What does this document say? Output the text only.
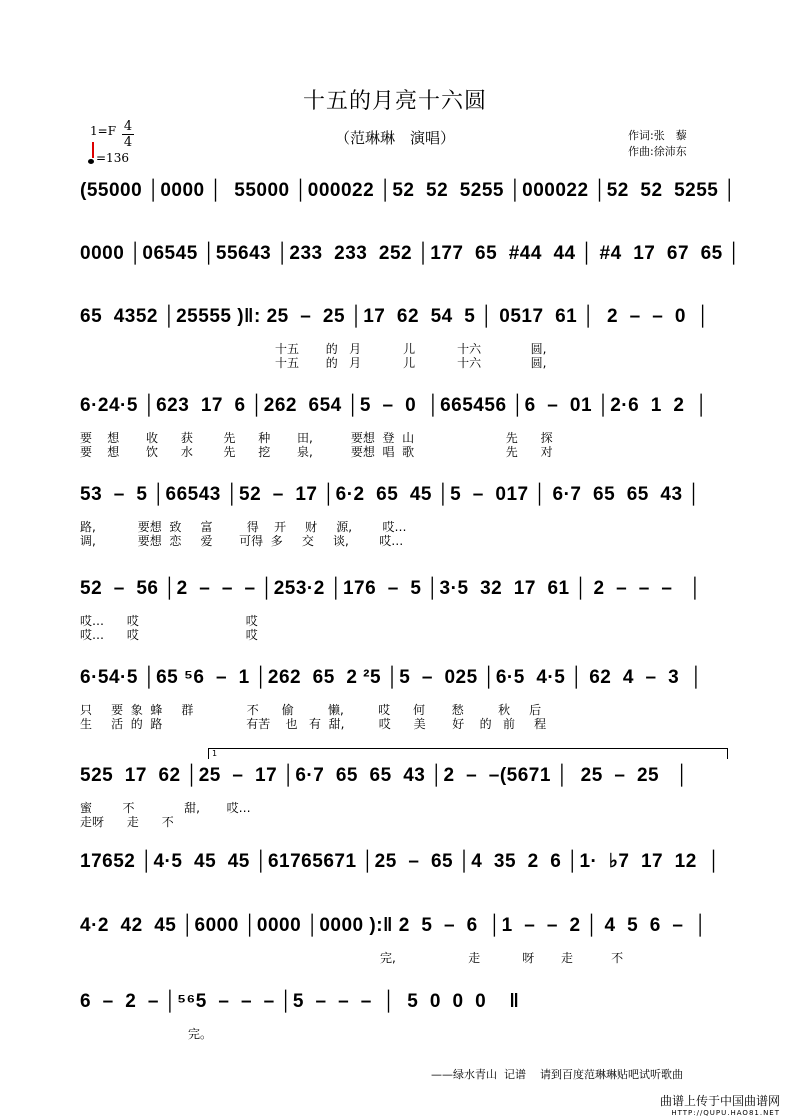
十五的月亮十六圆
（范琳琳　演唱）	作词:张　藜
作曲:徐沛东
1=F 4
4
=136
(55000 │0000 │  55000 │000022 │52  52  5255 │000022 │52  52  5255 │
0000 │06545 │55643 │233  233  252 │177  65  #44  44 │ #4  17  67  65 │
65  4352 │25555 )‖: 25  –  25 │17  62  54  5 │ 0517  61 │  2  –  –  0  │
十五       的   月           儿           十六             圆,
十五       的   月           儿           十六             圆,
6·24·5 │623  17  6 │262  654 │5  –  0  │665456 │6  –  01 │2·6  1  2  │
要    想       收      获        先      种       田,          要想  登  山                        先      探
要    想       饮      水        先      挖       泉,          要想  唱  歌                        先      对
53  –  5 │66543 │52  –  17 │6·2  65  45 │5  –  017 │ 6·7  65  65  43 │
路,           要想  致     富         得    开     财     源,        哎…
调,           要想  恋     爱       可得  多     交     谈,        哎…
52  –  56 │2  –  –  – │253·2 │176  –  5 │3·5  32  17  61 │ 2  –  –  –   │
哎…      哎                            哎
哎…      哎                            哎
6·54·5 │65 ⁵6  –  1 │262  65  2 ²5 │5  –  025 │6·5  4·5 │ 62  4  –  3  │
只     要  象  蜂     群              不      偷         懒,         哎      何       愁         秋     后
生     活  的  路                      有苦    也   有  甜,         哎      美       好    的   前     程
1
525  17  62 │25  –  17 │6·7  65  65  43 │2  –  –(5671 │  25  –  25   │
蜜        不             甜,       哎…
走呀      走      不
17652 │4·5  45  45 │61765671 │25  –  65 │4  35  2  6 │1·  ♭7  17  12  │
4·2  42  45 │6000 │0000 │0000 ):‖ 2  5  –  6  │1  –  –  2 │ 4  5  6  –  │
完,                   走           呀       走          不
6  –  2  – │⁵⁶5  –  –  – │5  –  –  –  │  5  0  0  0    ‖
完。
——绿水青山  记谱    请到百度范琳琳贴吧试听歌曲
曲谱上传于中国曲谱网
HTTP://QUPU.HAO81.NET
